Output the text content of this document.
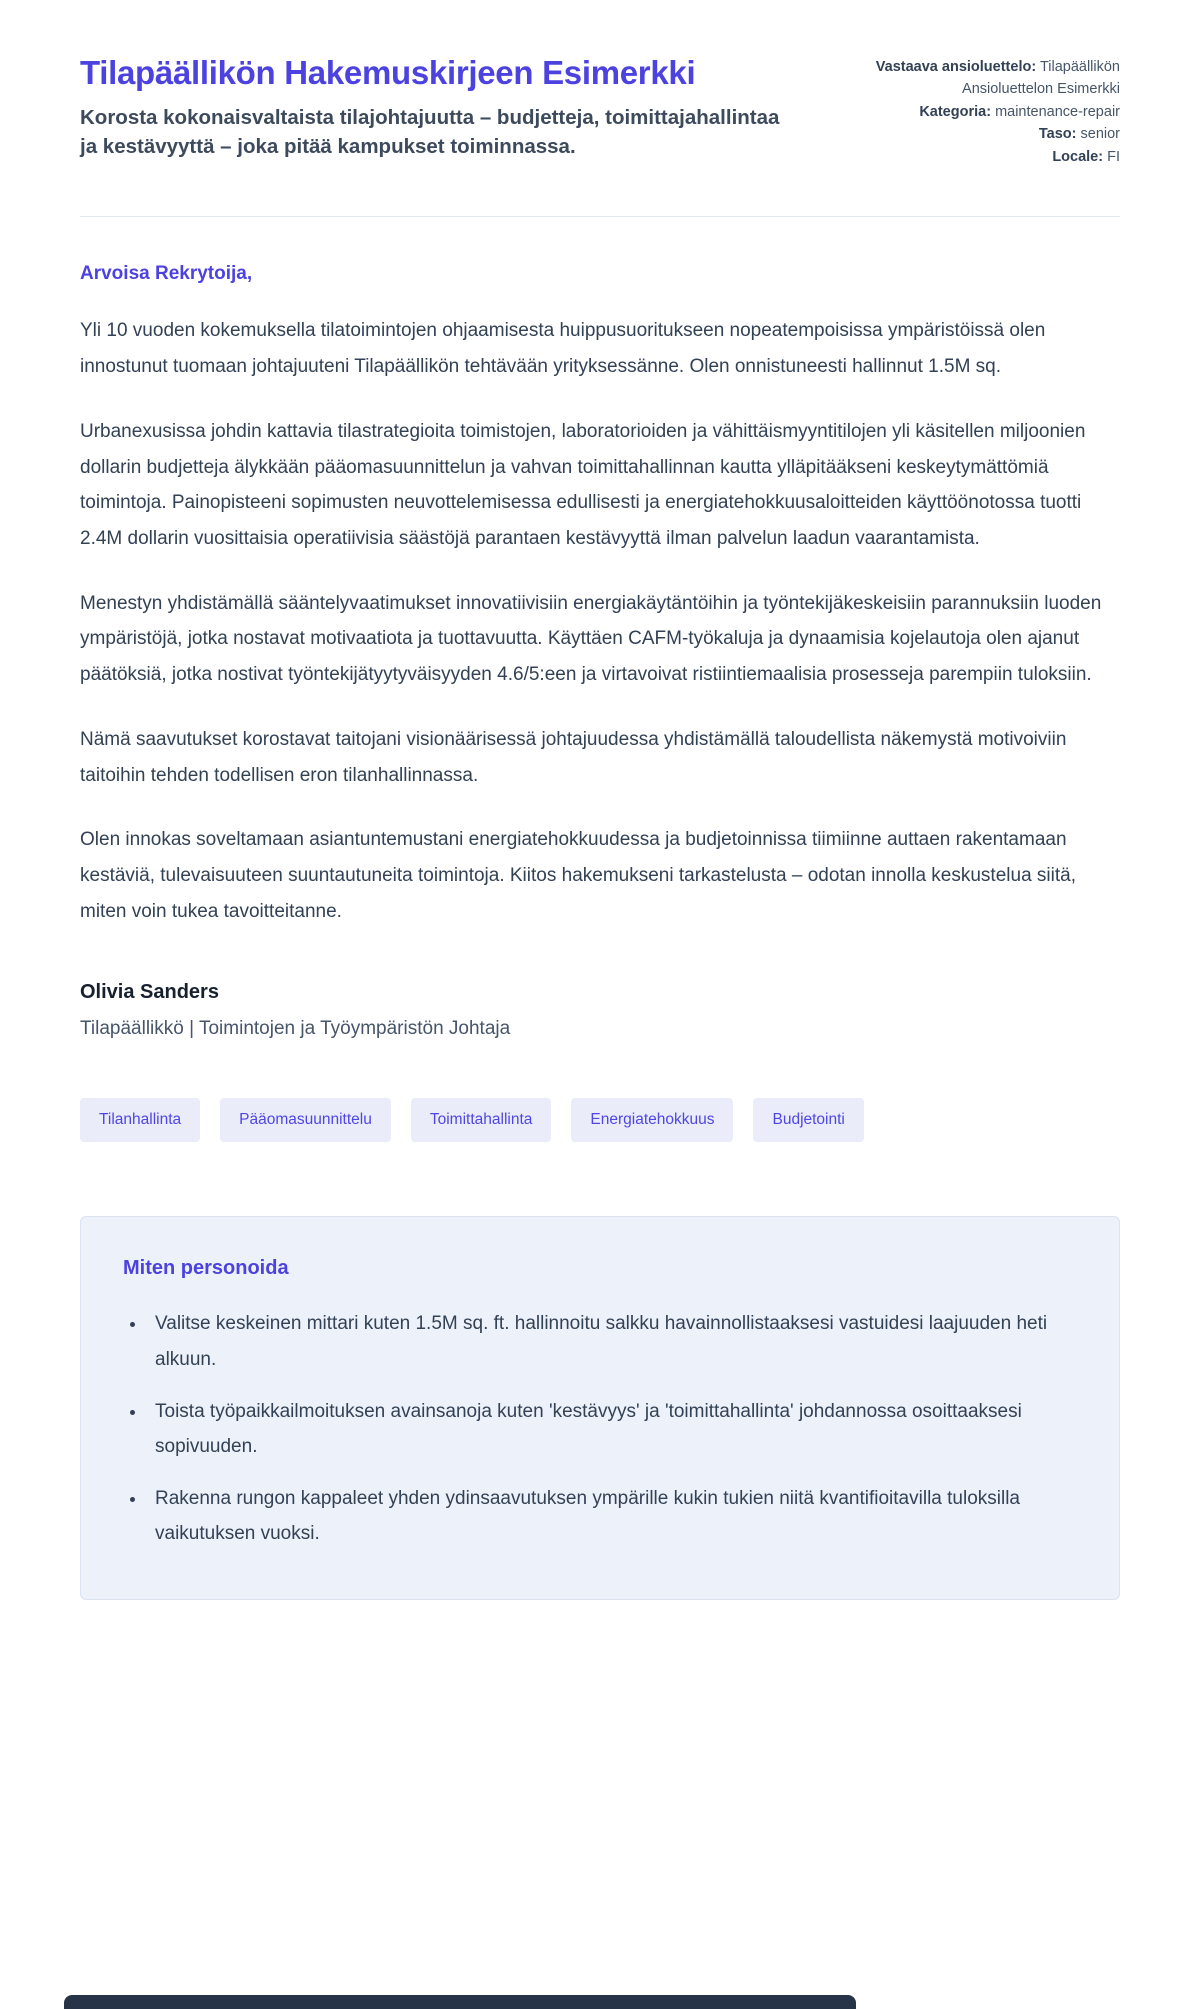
Tilapäällikön Hakemuskirjeen Esimerkki
Korosta kokonaisvaltaista tilajohtajuutta – budjetteja, toimittajahallintaa ja kestävyyttä – joka pitää kampukset toiminnassa.
Vastaava ansioluettelo: Tilapäällikön Ansioluettelon Esimerkki
Kategoria: maintenance-repair
Taso: senior
Locale: FI

Arvoisa Rekrytoija,

Yli 10 vuoden kokemuksella tilatoimintojen ohjaamisesta huippusuoritukseen nopeatempoisissa ympäristöissä olen innostunut tuomaan johtajuuteni Tilapäällikön tehtävään yrityksessänne. Olen onnistuneesti hallinnut 1.5M sq.

Urbanexusissa johdin kattavia tilastrategioita toimistojen, laboratorioiden ja vähittäismyyntitilojen yli käsitellen miljoonien dollarin budjetteja älykkään pääomasuunnittelun ja vahvan toimittahallinnan kautta ylläpitääkseni keskeytymättömiä toimintoja. Painopisteeni sopimusten neuvottelemisessa edullisesti ja energiatehokkuusaloitteiden käyttöönotossa tuotti 2.4M dollarin vuosittaisia operatiivisia säästöjä parantaen kestävyyttä ilman palvelun laadun vaarantamista.

Menestyn yhdistämällä sääntelyvaatimukset innovatiivisiin energiakäytäntöihin ja työntekijäkeskeisiin parannuksiin luoden ympäristöjä, jotka nostavat motivaatiota ja tuottavuutta. Käyttäen CAFM-työkaluja ja dynaamisia kojelautoja olen ajanut päätöksiä, jotka nostivat työntekijätyytyväisyyden 4.6/5:een ja virtavoivat ristiintiemaalisia prosesseja parempiin tuloksiin.

Nämä saavutukset korostavat taitojani visionäärisessä johtajuudessa yhdistämällä taloudellista näkemystä motivoiviin taitoihin tehden todellisen eron tilanhallinnassa.

Olen innokas soveltamaan asiantuntemustani energiatehokkuudessa ja budjetoinnissa tiimiinne auttaen rakentamaan kestäviä, tulevaisuuteen suuntautuneita toimintoja. Kiitos hakemukseni tarkastelusta – odotan innolla keskustelua siitä, miten voin tukea tavoitteitanne.

Olivia Sanders

Tilapäällikkö | Toimintojen ja Työympäristön Johtaja

Tilanhallinta	Pääomasuunnittelu	Toimittahallinta	Energiatehokkuus	Budjetointi
Miten personoida
• Valitse keskeinen mittari kuten 1.5M sq. ft. hallinnoitu salkku havainnollistaaksesi vastuidesi laajuuden heti alkuun.
• Toista työpaikkailmoituksen avainsanoja kuten 'kestävyys' ja 'toimittahallinta' johdannossa osoittaaksesi sopivuuden.
• Rakenna rungon kappaleet yhden ydinsaavutuksen ympärille kukin tukien niitä kvantifioitavilla tuloksilla vaikutuksen vuoksi.
